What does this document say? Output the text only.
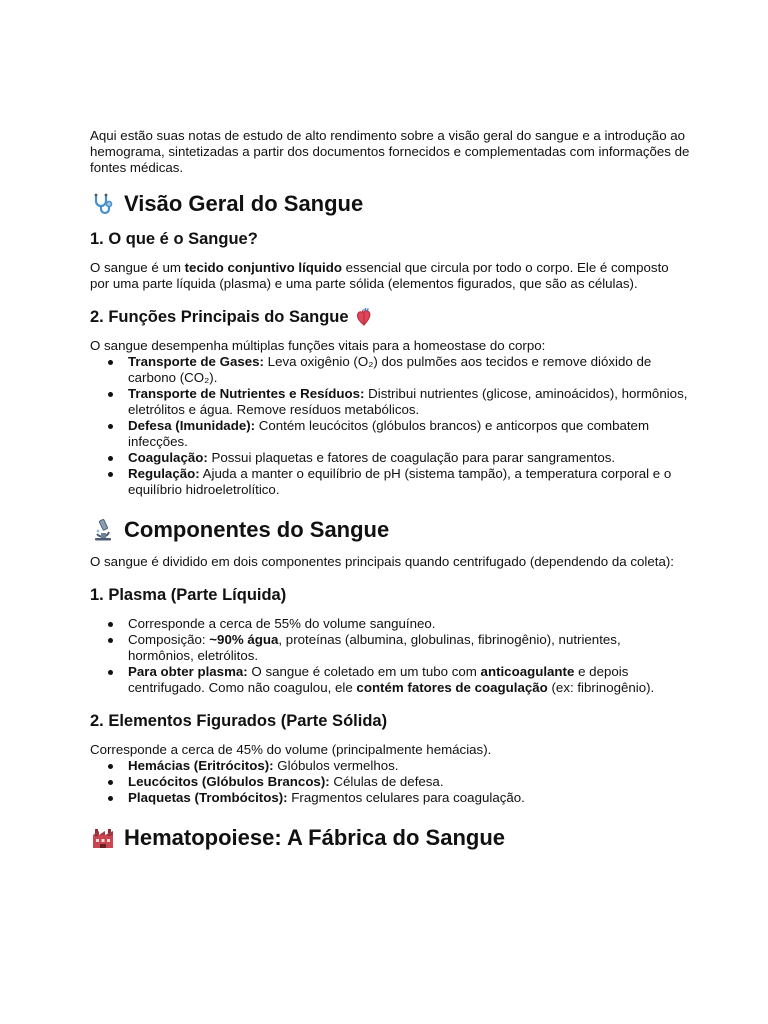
Aqui estão suas notas de estudo de alto rendimento sobre a visão geral do sangue e a introdução ao hemograma, sintetizadas a partir dos documentos fornecidos e complementadas com informações de fontes médicas.

Visão Geral do Sangue
1. O que é o Sangue?

O sangue é um tecido conjuntivo líquido essencial que circula por todo o corpo. Ele é composto por uma parte líquida (plasma) e uma parte sólida (elementos figurados, que são as células).

2. Funções Principais do Sangue

O sangue desempenha múltiplas funções vitais para a homeostase do corpo:

Transporte de Gases: Leva oxigênio (O₂) dos pulmões aos tecidos e remove dióxido de carbono (CO₂).
Transporte de Nutrientes e Resíduos: Distribui nutrientes (glicose, aminoácidos), hormônios, eletrólitos e água. Remove resíduos metabólicos.
Defesa (Imunidade): Contém leucócitos (glóbulos brancos) e anticorpos que combatem infecções.
Coagulação: Possui plaquetas e fatores de coagulação para parar sangramentos.
Regulação: Ajuda a manter o equilíbrio de pH (sistema tampão), a temperatura corporal e o equilíbrio hidroeletrolítico.
Componentes do Sangue

O sangue é dividido em dois componentes principais quando centrifugado (dependendo da coleta):

1. Plasma (Parte Líquida)
Corresponde a cerca de 55% do volume sanguíneo.
Composição: ~90% água, proteínas (albumina, globulinas, fibrinogênio), nutrientes, hormônios, eletrólitos.
Para obter plasma: O sangue é coletado em um tubo com anticoagulante e depois centrifugado. Como não coagulou, ele contém fatores de coagulação (ex: fibrinogênio).
2. Elementos Figurados (Parte Sólida)

Corresponde a cerca de 45% do volume (principalmente hemácias).

Hemácias (Eritrócitos): Glóbulos vermelhos.
Leucócitos (Glóbulos Brancos): Células de defesa.
Plaquetas (Trombócitos): Fragmentos celulares para coagulação.
Hematopoiese: A Fábrica do Sangue
